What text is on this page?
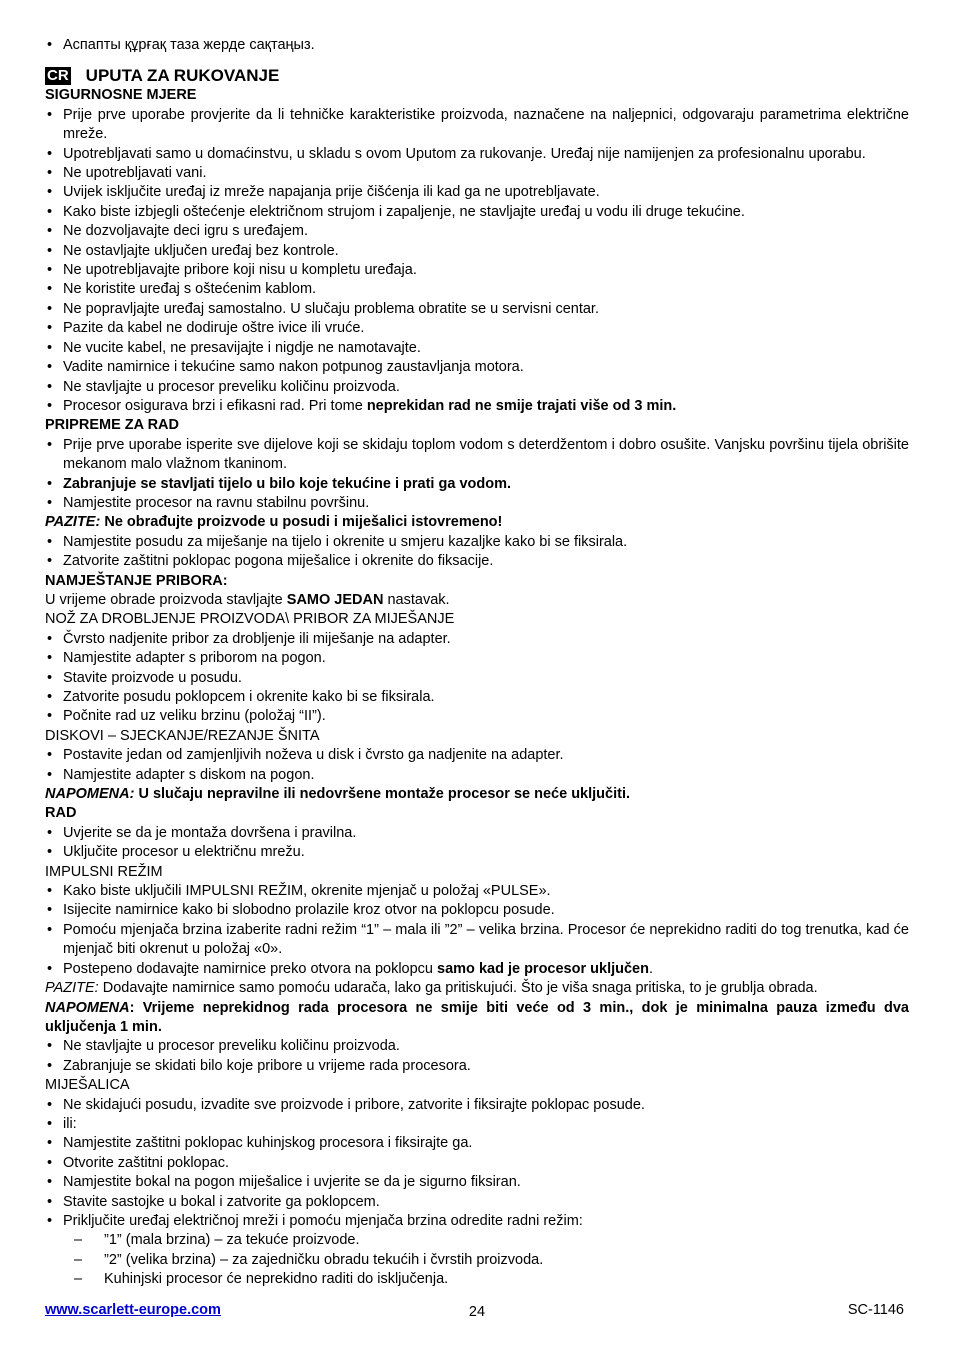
• Аспапты құрғақ таза жерде сақтаңыз.
CR UPUTA ZA RUKOVANJE
SIGURNOSNE MJERE
• Prije prve uporabe provjerite da li tehničke karakteristike proizvoda, naznačene na naljepnici, odgovaraju parametrima električne mreže.
• Upotrebljavati samo u domaćinstvu, u skladu s ovom Uputom za rukovanje. Uređaj nije namijenjen za profesionalnu uporabu.
• Ne upotrebljavati vani.
• Uvijek isključite uređaj iz mreže napajanja prije čišćenja ili kad ga ne upotrebljavate.
• Kako biste izbjegli oštećenje električnom strujom i zapaljenje, ne stavljajte uređaj u vodu ili druge tekućine.
• Ne dozvoljavajte deci igru s uređajem.
• Ne ostavljajte uključen uređaj bez kontrole.
• Ne upotrebljavajte pribore koji nisu u kompletu uređaja.
• Ne koristite uređaj s oštećenim kablom.
• Ne popravljajte uređaj samostalno. U slučaju problema obratite se u servisni centar.
• Pazite da kabel ne dodiruje oštre ivice ili vruće.
• Ne vucite kabel, ne presavijajte i nigdje ne namotavajte.
• Vadite namirnice i tekućine samo nakon potpunog zaustavljanja motora.
• Ne stavljajte u procesor preveliku količinu proizvoda.
• Procesor osigurava brzi i efikasni rad. Pri tome neprekidan rad ne smije trajati više od 3 min.
PRIPREME ZA RAD
• Prije prve uporabe isperite sve dijelove koji se skidaju toplom vodom s deterdžentom i dobro osušite. Vanjsku površinu tijela obrišite mekanom malo vlažnom tkaninom.
• Zabranjuje se stavljati tijelo u bilo koje tekućine i prati ga vodom.
• Namjestite procesor na ravnu stabilnu površinu.
PAZITE: Ne obrađujte proizvode u posudi i miješalici istovremeno!
• Namjestite posudu za miješanje na tijelo i okrenite u smjeru kazaljke kako bi se fiksirala.
• Zatvorite zaštitni poklopac pogona miješalice i okrenite do fiksacije.
NAMJEŠTANJE PRIBORA:
U vrijeme obrade proizvoda stavljajte SAMO JEDAN nastavak.
NOŽ ZA DROBLJENJE PROIZVODA\ PRIBOR ZA MIJEŠANJE
• Čvrsto nadjenite pribor za drobljenje ili miješanje na adapter.
• Namjestite adapter s priborom na pogon.
• Stavite proizvode u posudu.
• Zatvorite posudu poklopcem i okrenite kako bi se fiksirala.
• Počnite rad uz veliku brzinu (položaj “II”).
DISKOVI – SJECKANJE/REZANJE ŠNITA
• Postavite jedan od zamjenljivih noževa u disk i čvrsto ga nadjenite na adapter.
• Namjestite adapter s diskom na pogon.
NAPOMENA: U slučaju nepravilne ili nedovršene montaže procesor se neće uključiti.
RAD
• Uvjerite se da je montaža dovršena i pravilna.
• Uključite procesor u električnu mrežu.
IMPULSNI REŽIM
• Kako biste uključili IMPULSNI REŽIM, okrenite mjenjač u položaj «PULSE».
• Isijecite namirnice kako bi slobodno prolazile kroz otvor na poklopcu posude.
• Pomoću mjenjača brzina izaberite radni režim “1” – mala ili ”2” – velika brzina. Procesor će neprekidno raditi do tog trenutka, kad će mjenjač biti okrenut u položaj «0».
• Postepeno dodavajte namirnice preko otvora na poklopcu samo kad je procesor uključen.
PAZITE: Dodavajte namirnice samo pomoću udarača, lako ga pritiskujući. Što je viša snaga pritiska, to je grublja obrada.
NAPOMENA: Vrijeme neprekidnog rada procesora ne smije biti veće od 3 min., dok je minimalna pauza između dva uključenja 1 min.
• Ne stavljajte u procesor preveliku količinu proizvoda.
• Zabranjuje se skidati bilo koje pribore u vrijeme rada procesora.
MIJEŠALICA
• Ne skidajući posudu, izvadite sve proizvode i pribore, zatvorite i fiksirajte poklopac posude.
• ili:
• Namjestite zaštitni poklopac kuhinjskog procesora i fiksirajte ga.
• Otvorite zaštitni poklopac.
• Namjestite bokal na pogon miješalice i uvjerite se da je sigurno fiksiran.
• Stavite sastojke u bokal i zatvorite ga poklopcem.
• Priključite uređaj električnoj mreži i pomoću mjenjača brzina odredite radni režim:
– ”1” (mala brzina) – za tekuće proizvode.
– ”2” (velika brzina) – za zajedničku obradu tekućih i čvrstih proizvoda.
– Kuhinjski procesor će neprekidno raditi do isključenja.
www.scarlett-europe.com	24	SC-1146
